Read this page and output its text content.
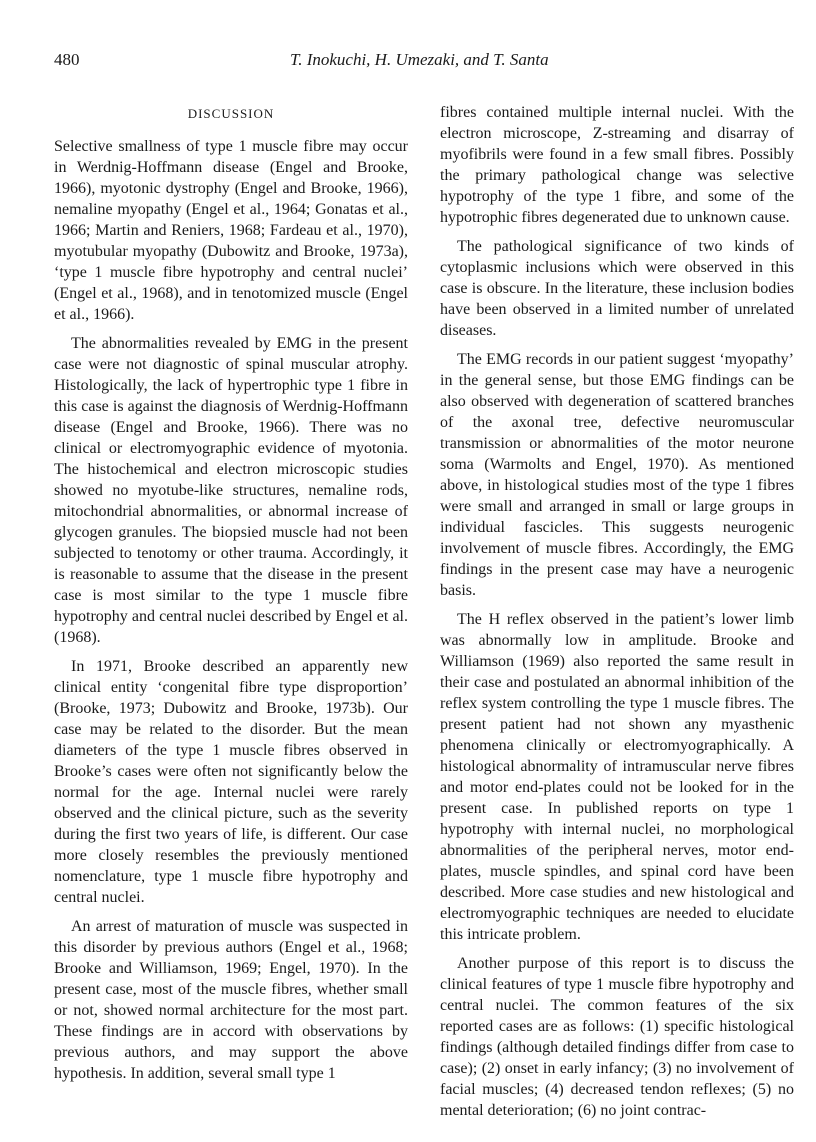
480	T. Inokuchi, H. Umezaki, and T. Santa
DISCUSSION

Selective smallness of type 1 muscle fibre may occur in Werdnig-Hoffmann disease (Engel and Brooke, 1966), myotonic dystrophy (Engel and Brooke, 1966), nemaline myopathy (Engel et al., 1964; Gonatas et al., 1966; Martin and Reniers, 1968; Fardeau et al., 1970), myotubular myopathy (Dubowitz and Brooke, 1973a), ‘type 1 muscle fibre hypotrophy and central nuclei’ (Engel et al., 1968), and in tenotomized muscle (Engel et al., 1966).

The abnormalities revealed by EMG in the present case were not diagnostic of spinal muscular atrophy. Histologically, the lack of hypertrophic type 1 fibre in this case is against the diagnosis of Werdnig-Hoffmann disease (Engel and Brooke, 1966). There was no clinical or electromyographic evidence of myotonia. The histochemical and electron microscopic studies showed no myotube-like structures, nemaline rods, mitochondrial abnormalities, or abnormal increase of glycogen granules. The biopsied muscle had not been subjected to tenotomy or other trauma. Accordingly, it is reasonable to assume that the disease in the present case is most similar to the type 1 muscle fibre hypotrophy and central nuclei described by Engel et al. (1968).

In 1971, Brooke described an apparently new clinical entity ‘congenital fibre type disproportion’ (Brooke, 1973; Dubowitz and Brooke, 1973b). Our case may be related to the disorder. But the mean diameters of the type 1 muscle fibres observed in Brooke’s cases were often not significantly below the normal for the age. Internal nuclei were rarely observed and the clinical picture, such as the severity during the first two years of life, is different. Our case more closely resembles the previously mentioned nomenclature, type 1 muscle fibre hypotrophy and central nuclei.

An arrest of maturation of muscle was suspected in this disorder by previous authors (Engel et al., 1968; Brooke and Williamson, 1969; Engel, 1970). In the present case, most of the muscle fibres, whether small or not, showed normal architecture for the most part. These findings are in accord with observations by previous authors, and may support the above hypothesis. In addition, several small type 1

fibres contained multiple internal nuclei. With the electron microscope, Z-streaming and disarray of myofibrils were found in a few small fibres. Possibly the primary pathological change was selective hypotrophy of the type 1 fibre, and some of the hypotrophic fibres degenerated due to unknown cause.

The pathological significance of two kinds of cytoplasmic inclusions which were observed in this case is obscure. In the literature, these inclusion bodies have been observed in a limited number of unrelated diseases.

The EMG records in our patient suggest ‘myopathy’ in the general sense, but those EMG findings can be also observed with degeneration of scattered branches of the axonal tree, defective neuromuscular transmission or abnormalities of the motor neurone soma (Warmolts and Engel, 1970). As mentioned above, in histological studies most of the type 1 fibres were small and arranged in small or large groups in individual fascicles. This suggests neurogenic involvement of muscle fibres. Accordingly, the EMG findings in the present case may have a neurogenic basis.

The H reflex observed in the patient’s lower limb was abnormally low in amplitude. Brooke and Williamson (1969) also reported the same result in their case and postulated an abnormal inhibition of the reflex system controlling the type 1 muscle fibres. The present patient had not shown any myasthenic phenomena clinically or electromyographically. A histological abnormality of intramuscular nerve fibres and motor end-plates could not be looked for in the present case. In published reports on type 1 hypotrophy with internal nuclei, no morphological abnormalities of the peripheral nerves, motor end-plates, muscle spindles, and spinal cord have been described. More case studies and new histological and electromyographic techniques are needed to elucidate this intricate problem.

Another purpose of this report is to discuss the clinical features of type 1 muscle fibre hypotrophy and central nuclei. The common features of the six reported cases are as follows: (1) specific histological findings (although detailed findings differ from case to case); (2) onset in early infancy; (3) no involvement of facial muscles; (4) decreased tendon reflexes; (5) no mental deterioration; (6) no joint contrac-
